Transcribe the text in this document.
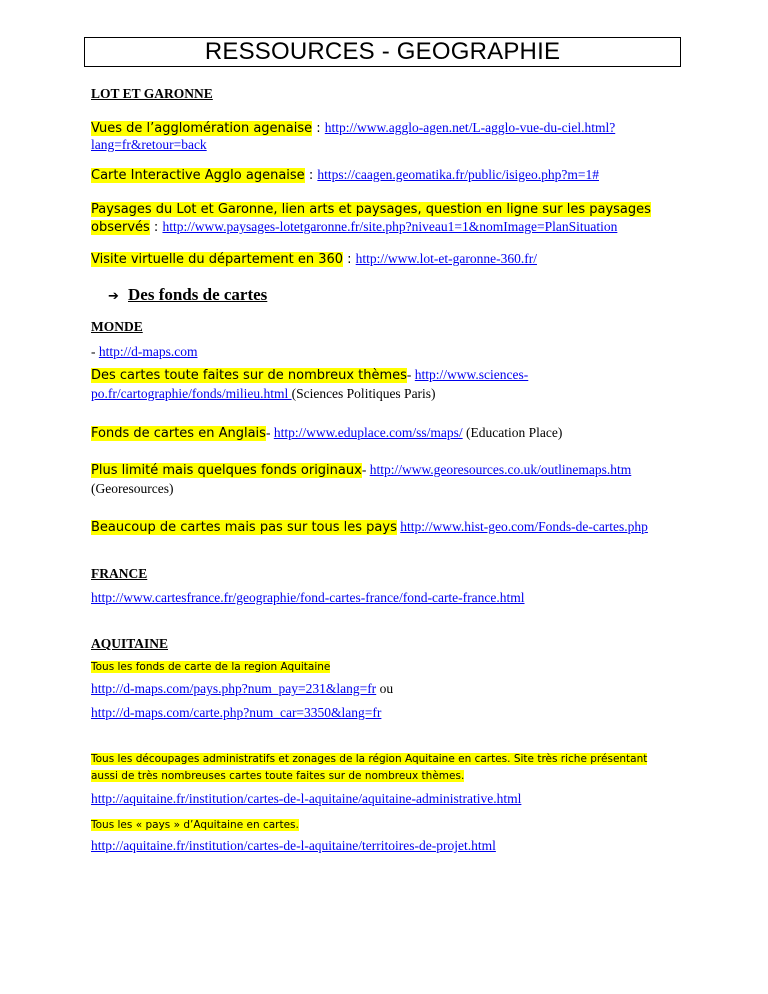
RESSOURCES - GEOGRAPHIE
LOT ET GARONNE
Vues de l’agglomération agenaise : http://www.agglo-agen.net/L-agglo-vue-du-ciel.html?
lang=fr&retour=back
Carte Interactive Agglo agenaise : https://caagen.geomatika.fr/public/isigeo.php?m=1#
Paysages du Lot et Garonne, lien arts et paysages, question en ligne sur les paysages
observés : http://www.paysages-lotetgaronne.fr/site.php?niveau1=1&nomImage=PlanSituation
Visite virtuelle du département en 360 : http://www.lot-et-garonne-360.fr/
➔ Des fonds de cartes
MONDE
- http://d-maps.com
Des cartes toute faites sur de nombreux thèmes- http://www.sciences-
po.fr/cartographie/fonds/milieu.html (Sciences Politiques Paris)
Fonds de cartes en Anglais- http://www.eduplace.com/ss/maps/ (Education Place)
Plus limité mais quelques fonds originaux- http://www.georesources.co.uk/outlinemaps.htm
(Georesources)
Beaucoup de cartes mais pas sur tous les pays http://www.hist-geo.com/Fonds-de-cartes.php
FRANCE
http://www.cartesfrance.fr/geographie/fond-cartes-france/fond-carte-france.html
AQUITAINE
Tous les fonds de carte de la region Aquitaine
http://d-maps.com/pays.php?num_pay=231&lang=fr ou
http://d-maps.com/carte.php?num_car=3350&lang=fr
Tous les découpages administratifs et zonages de la région Aquitaine en cartes. Site très riche présentant
aussi de très nombreuses cartes toute faites sur de nombreux thèmes.
http://aquitaine.fr/institution/cartes-de-l-aquitaine/aquitaine-administrative.html
Tous les « pays » d’Aquitaine en cartes.
http://aquitaine.fr/institution/cartes-de-l-aquitaine/territoires-de-projet.html
